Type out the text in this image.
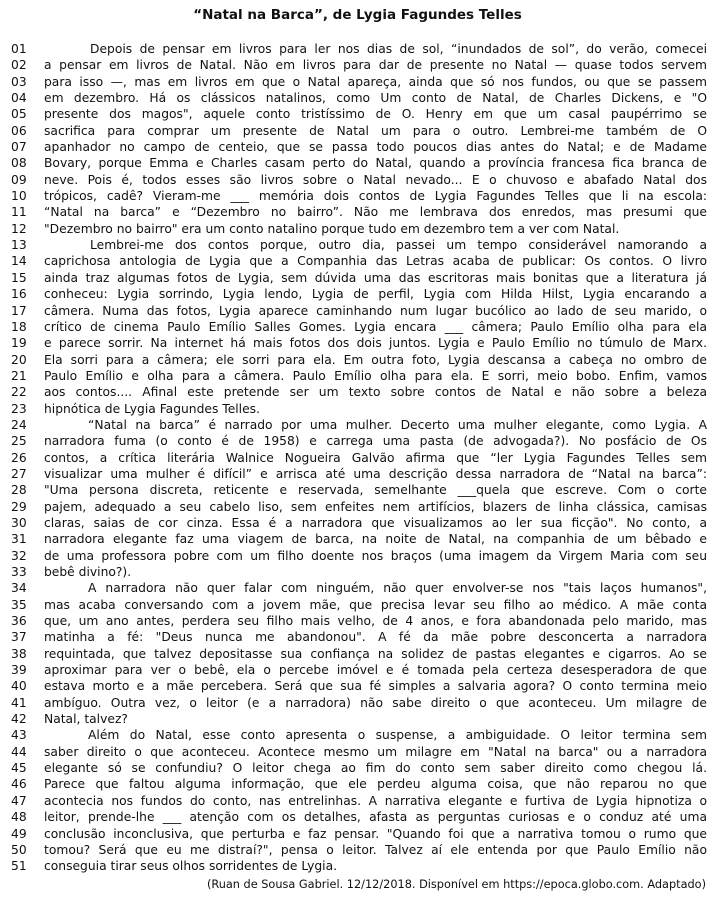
“Natal na Barca”, de Lygia Fagundes Telles
01	Depois de pensar em livros para ler nos dias de sol, “inundados de sol”, do verão, comecei
02	a pensar em livros de Natal. Não em livros para dar de presente no Natal — quase todos servem
03	para isso —, mas em livros em que o Natal apareça, ainda que só nos fundos, ou que se passem
04	em dezembro. Há os clássicos natalinos, como Um conto de Natal, de Charles Dickens, e "O
05	presente dos magos", aquele conto tristíssimo de O. Henry em que um casal paupérrimo se
06	sacrifica para comprar um presente de Natal um para o outro. Lembrei-me também de O
07	apanhador no campo de centeio, que se passa todo poucos dias antes do Natal; e de Madame
08	Bovary, porque Emma e Charles casam perto do Natal, quando a província francesa fica branca de
09	neve. Pois é, todos esses são livros sobre o Natal nevado... E o chuvoso e abafado Natal dos
10	trópicos, cadê? Vieram-me ___ memória dois contos de Lygia Fagundes Telles que li na escola:
11	“Natal na barca” e “Dezembro no bairro”. Não me lembrava dos enredos, mas presumi que
12	"Dezembro no bairro" era um conto natalino porque tudo em dezembro tem a ver com Natal.
13	Lembrei-me dos contos porque, outro dia, passei um tempo considerável namorando a
14	caprichosa antologia de Lygia que a Companhia das Letras acaba de publicar: Os contos. O livro
15	ainda traz algumas fotos de Lygia, sem dúvida uma das escritoras mais bonitas que a literatura já
16	conheceu: Lygia sorrindo, Lygia lendo, Lygia de perfil, Lygia com Hilda Hilst, Lygia encarando a
17	câmera. Numa das fotos, Lygia aparece caminhando num lugar bucólico ao lado de seu marido, o
18	crítico de cinema Paulo Emílio Salles Gomes. Lygia encara ___ câmera; Paulo Emílio olha para ela
19	e parece sorrir. Na internet há mais fotos dos dois juntos. Lygia e Paulo Emílio no túmulo de Marx.
20	Ela sorri para a câmera; ele sorri para ela. Em outra foto, Lygia descansa a cabeça no ombro de
21	Paulo Emílio e olha para a câmera. Paulo Emílio olha para ela. E sorri, meio bobo. Enfim, vamos
22	aos contos.... Afinal este pretende ser um texto sobre contos de Natal e não sobre a beleza
23	hipnótica de Lygia Fagundes Telles.
24	“Natal na barca” é narrado por uma mulher. Decerto uma mulher elegante, como Lygia. A
25	narradora fuma (o conto é de 1958) e carrega uma pasta (de advogada?). No posfácio de Os
26	contos, a crítica literária Walnice Nogueira Galvão afirma que “ler Lygia Fagundes Telles sem
27	visualizar uma mulher é difícil” e arrisca até uma descrição dessa narradora de “Natal na barca”:
28	"Uma persona discreta, reticente e reservada, semelhante ___quela que escreve. Com o corte
29	pajem, adequado a seu cabelo liso, sem enfeites nem artifícios, blazers de linha clássica, camisas
30	claras, saias de cor cinza. Essa é a narradora que visualizamos ao ler sua ficção". No conto, a
31	narradora elegante faz uma viagem de barca, na noite de Natal, na companhia de um bêbado e
32	de uma professora pobre com um filho doente nos braços (uma imagem da Virgem Maria com seu
33	bebê divino?).
34	A narradora não quer falar com ninguém, não quer envolver-se nos "tais laços humanos",
35	mas acaba conversando com a jovem mãe, que precisa levar seu filho ao médico. A mãe conta
36	que, um ano antes, perdera seu filho mais velho, de 4 anos, e fora abandonada pelo marido, mas
37	matinha a fé: "Deus nunca me abandonou". A fé da mãe pobre desconcerta a narradora
38	requintada, que talvez depositasse sua confiança na solidez de pastas elegantes e cigarros. Ao se
39	aproximar para ver o bebê, ela o percebe imóvel e é tomada pela certeza desesperadora de que
40	estava morto e a mãe percebera. Será que sua fé simples a salvaria agora? O conto termina meio
41	ambíguo. Outra vez, o leitor (e a narradora) não sabe direito o que aconteceu. Um milagre de
42	Natal, talvez?
43	Além do Natal, esse conto apresenta o suspense, a ambiguidade. O leitor termina sem
44	saber direito o que aconteceu. Acontece mesmo um milagre em "Natal na barca" ou a narradora
45	elegante só se confundiu? O leitor chega ao fim do conto sem saber direito como chegou lá.
46	Parece que faltou alguma informação, que ele perdeu alguma coisa, que não reparou no que
47	acontecia nos fundos do conto, nas entrelinhas. A narrativa elegante e furtiva de Lygia hipnotiza o
48	leitor, prende-lhe ___ atenção com os detalhes, afasta as perguntas curiosas e o conduz até uma
49	conclusão inconclusiva, que perturba e faz pensar. "Quando foi que a narrativa tomou o rumo que
50	tomou? Será que eu me distraí?", pensa o leitor. Talvez aí ele entenda por que Paulo Emílio não
51	conseguia tirar seus olhos sorridentes de Lygia.
(Ruan de Sousa Gabriel. 12/12/2018. Disponível em https://epoca.globo.com. Adaptado)
